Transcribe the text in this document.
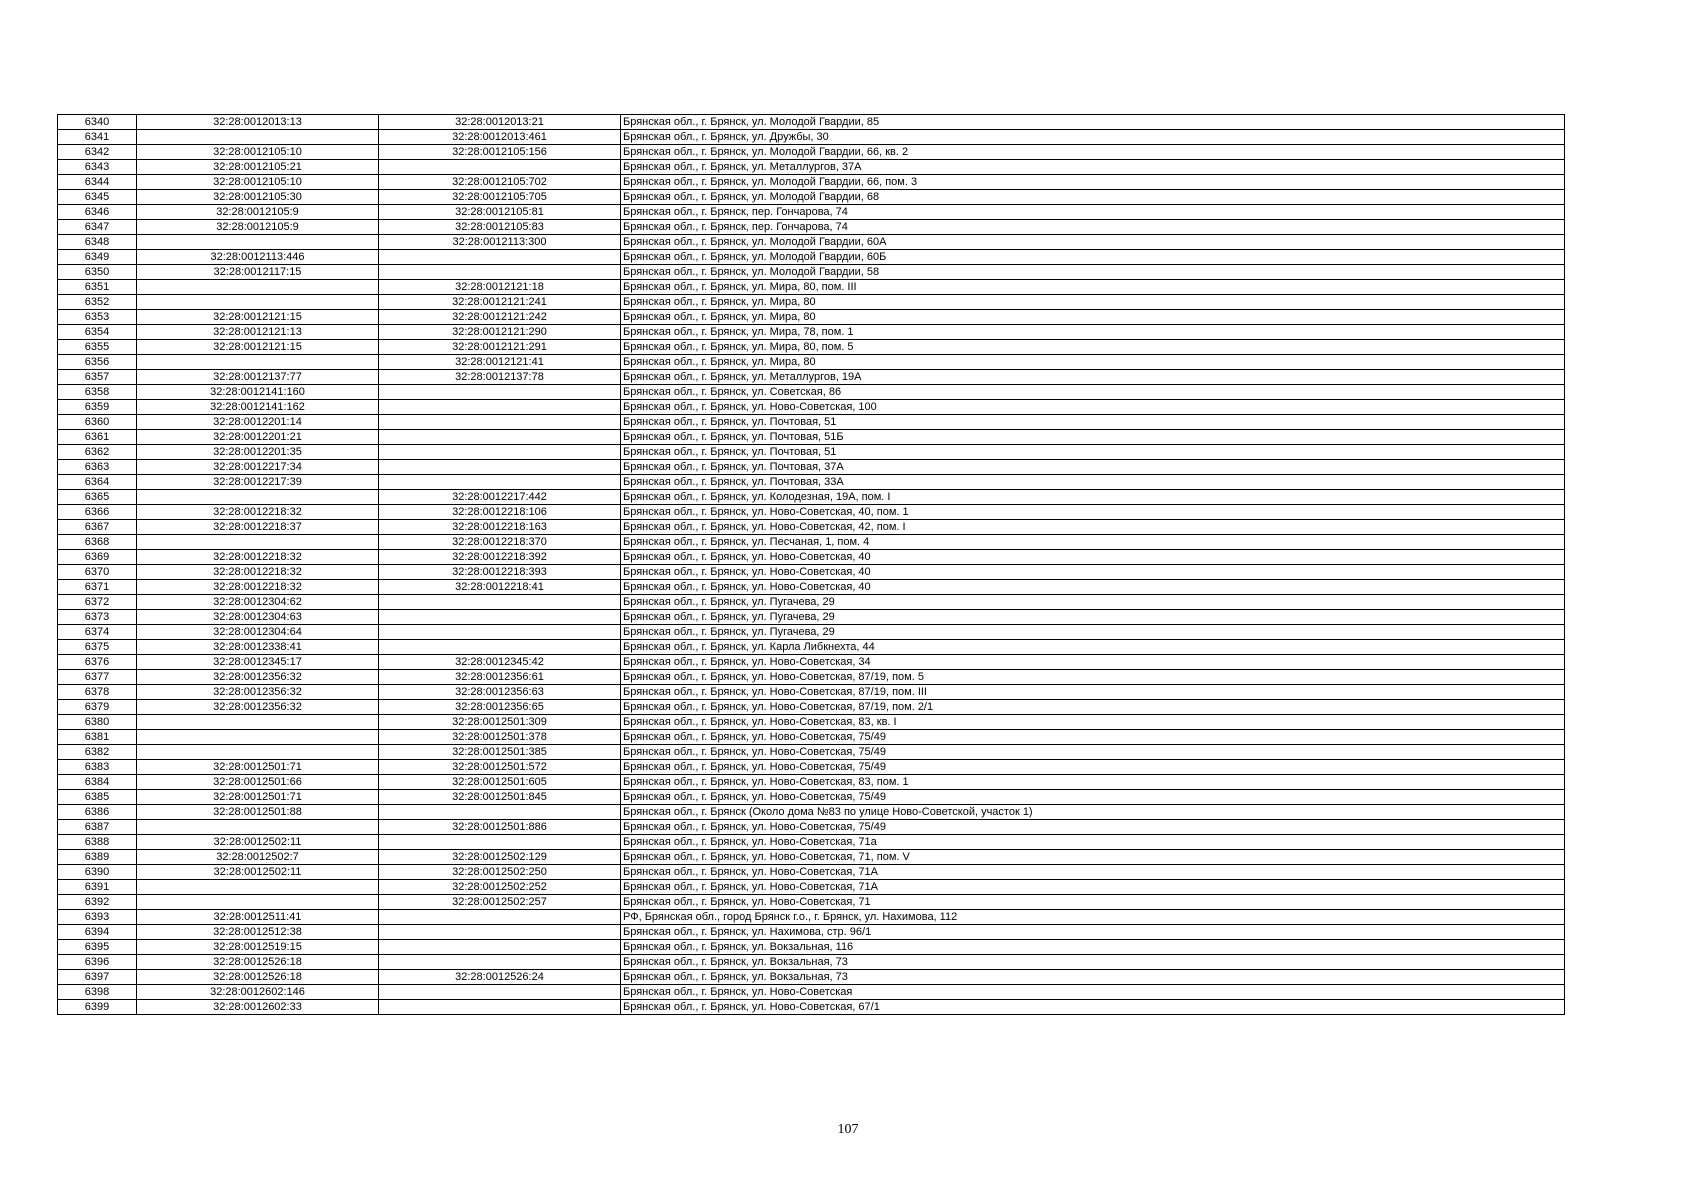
6340	32:28:0012013:13	32:28:0012013:21	Брянская обл., г. Брянск, ул. Молодой Гвардии, 85
6341		32:28:0012013:461	Брянская обл., г. Брянск, ул. Дружбы, 30
6342	32:28:0012105:10	32:28:0012105:156	Брянская обл., г. Брянск, ул. Молодой Гвардии, 66, кв. 2
6343	32:28:0012105:21		Брянская обл., г. Брянск, ул. Металлургов, 37А
6344	32:28:0012105:10	32:28:0012105:702	Брянская обл., г. Брянск, ул. Молодой Гвардии, 66, пом. 3
6345	32:28:0012105:30	32:28:0012105:705	Брянская обл., г. Брянск, ул. Молодой Гвардии, 68
6346	32:28:0012105:9	32:28:0012105:81	Брянская обл., г. Брянск, пер. Гончарова, 74
6347	32:28:0012105:9	32:28:0012105:83	Брянская обл., г. Брянск, пер. Гончарова, 74
6348		32:28:0012113:300	Брянская обл., г. Брянск, ул. Молодой Гвардии, 60А
6349	32:28:0012113:446		Брянская обл., г. Брянск, ул. Молодой Гвардии, 60Б
6350	32:28:0012117:15		Брянская обл., г. Брянск, ул. Молодой Гвардии, 58
6351		32:28:0012121:18	Брянская обл., г. Брянск, ул. Мира, 80, пом. III
6352		32:28:0012121:241	Брянская обл., г. Брянск, ул. Мира, 80
6353	32:28:0012121:15	32:28:0012121:242	Брянская обл., г. Брянск, ул. Мира, 80
6354	32:28:0012121:13	32:28:0012121:290	Брянская обл., г. Брянск, ул. Мира, 78, пом. 1
6355	32:28:0012121:15	32:28:0012121:291	Брянская обл., г. Брянск, ул. Мира, 80, пом. 5
6356		32:28:0012121:41	Брянская обл., г. Брянск, ул. Мира, 80
6357	32:28:0012137:77	32:28:0012137:78	Брянская обл., г. Брянск, ул. Металлургов, 19А
6358	32:28:0012141:160		Брянская обл., г. Брянск, ул. Советская, 86
6359	32:28:0012141:162		Брянская обл., г. Брянск, ул. Ново-Советская, 100
6360	32:28:0012201:14		Брянская обл., г. Брянск, ул. Почтовая, 51
6361	32:28:0012201:21		Брянская обл., г. Брянск, ул. Почтовая, 51Б
6362	32:28:0012201:35		Брянская обл., г. Брянск, ул. Почтовая, 51
6363	32:28:0012217:34		Брянская обл., г. Брянск, ул. Почтовая, 37А
6364	32:28:0012217:39		Брянская обл., г. Брянск, ул. Почтовая, 33А
6365		32:28:0012217:442	Брянская обл., г. Брянск, ул. Колодезная, 19А, пом. I
6366	32:28:0012218:32	32:28:0012218:106	Брянская обл., г. Брянск, ул. Ново-Советская, 40, пом. 1
6367	32:28:0012218:37	32:28:0012218:163	Брянская обл., г. Брянск, ул. Ново-Советская, 42, пом. I
6368		32:28:0012218:370	Брянская обл., г. Брянск, ул. Песчаная, 1, пом. 4
6369	32:28:0012218:32	32:28:0012218:392	Брянская обл., г. Брянск, ул. Ново-Советская, 40
6370	32:28:0012218:32	32:28:0012218:393	Брянская обл., г. Брянск, ул. Ново-Советская, 40
6371	32:28:0012218:32	32:28:0012218:41	Брянская обл., г. Брянск, ул. Ново-Советская, 40
6372	32:28:0012304:62		Брянская обл., г. Брянск, ул. Пугачева, 29
6373	32:28:0012304:63		Брянская обл., г. Брянск, ул. Пугачева, 29
6374	32:28:0012304:64		Брянская обл., г. Брянск, ул. Пугачева, 29
6375	32:28:0012338:41		Брянская обл., г. Брянск, ул. Карла Либкнехта, 44
6376	32:28:0012345:17	32:28:0012345:42	Брянская обл., г. Брянск, ул. Ново-Советская, 34
6377	32:28:0012356:32	32:28:0012356:61	Брянская обл., г. Брянск, ул. Ново-Советская, 87/19, пом. 5
6378	32:28:0012356:32	32:28:0012356:63	Брянская обл., г. Брянск, ул. Ново-Советская, 87/19, пом. III
6379	32:28:0012356:32	32:28:0012356:65	Брянская обл., г. Брянск, ул. Ново-Советская, 87/19, пом. 2/1
6380		32:28:0012501:309	Брянская обл., г. Брянск, ул. Ново-Советская, 83, кв. I
6381		32:28:0012501:378	Брянская обл., г. Брянск, ул. Ново-Советская, 75/49
6382		32:28:0012501:385	Брянская обл., г. Брянск, ул. Ново-Советская, 75/49
6383	32:28:0012501:71	32:28:0012501:572	Брянская обл., г. Брянск, ул. Ново-Советская, 75/49
6384	32:28:0012501:66	32:28:0012501:605	Брянская обл., г. Брянск, ул. Ново-Советская, 83, пом. 1
6385	32:28:0012501:71	32:28:0012501:845	Брянская обл., г. Брянск, ул. Ново-Советская, 75/49
6386	32:28:0012501:88		Брянская обл., г. Брянск (Около дома №83 по улице Ново-Советской, участок 1)
6387		32:28:0012501:886	Брянская обл., г. Брянск, ул. Ново-Советская, 75/49
6388	32:28:0012502:11		Брянская обл., г. Брянск, ул. Ново-Советская, 71а
6389	32:28:0012502:7	32:28:0012502:129	Брянская обл., г. Брянск, ул. Ново-Советская, 71, пом. V
6390	32:28:0012502:11	32:28:0012502:250	Брянская обл., г. Брянск, ул. Ново-Советская, 71А
6391		32:28:0012502:252	Брянская обл., г. Брянск, ул. Ново-Советская, 71А
6392		32:28:0012502:257	Брянская обл., г. Брянск, ул. Ново-Советская, 71
6393	32:28:0012511:41		РФ, Брянская обл., город Брянск г.о., г. Брянск, ул. Нахимова, 112
6394	32:28:0012512:38		Брянская обл., г. Брянск, ул. Нахимова, стр. 96/1
6395	32:28:0012519:15		Брянская обл., г. Брянск, ул. Вокзальная, 116
6396	32:28:0012526:18		Брянская обл., г. Брянск, ул. Вокзальная, 73
6397	32:28:0012526:18	32:28:0012526:24	Брянская обл., г. Брянск, ул. Вокзальная, 73
6398	32:28:0012602:146		Брянская обл., г. Брянск, ул. Ново-Советская
6399	32:28:0012602:33		Брянская обл., г. Брянск, ул. Ново-Советская, 67/1
107
